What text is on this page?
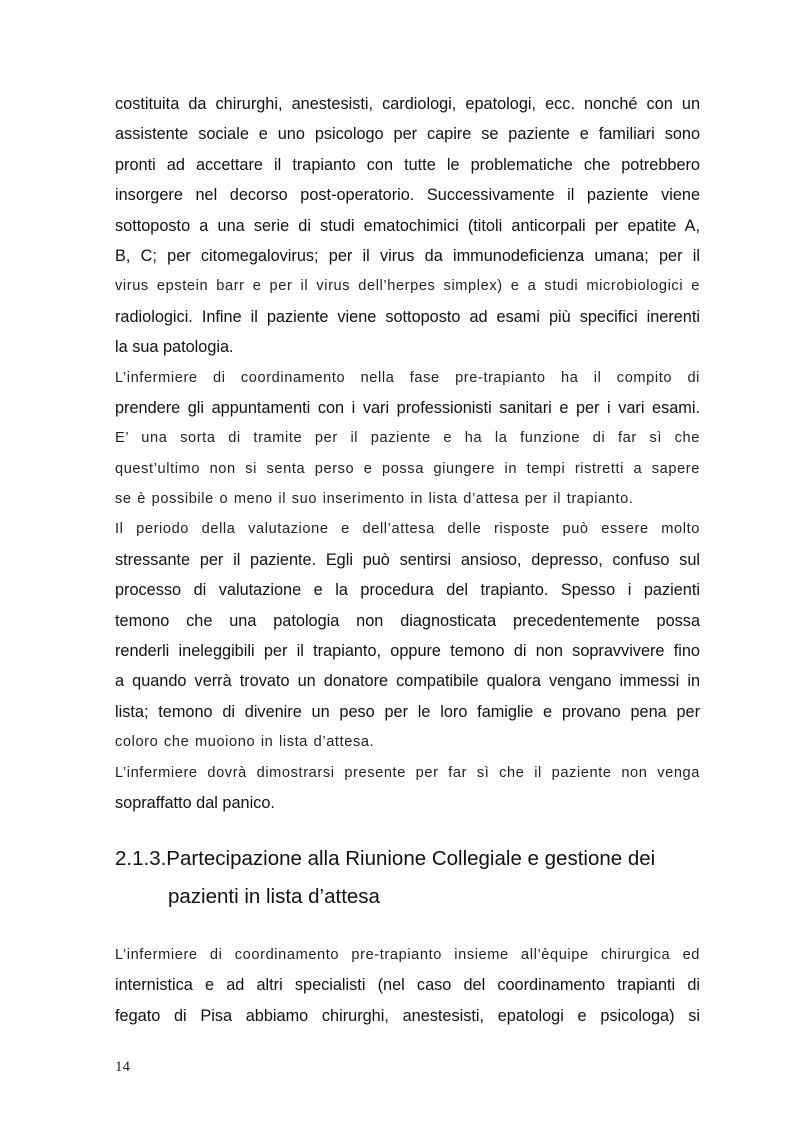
costituita da chirurghi, anestesisti, cardiologi, epatologi, ecc. nonché con un
assistente sociale e uno psicologo per capire se paziente e familiari sono
pronti ad accettare il trapianto con tutte le problematiche che potrebbero
insorgere nel decorso post-operatorio. Successivamente il paziente viene
sottoposto a una serie di studi ematochimici (titoli anticorpali per epatite A,
B, C; per citomegalovirus; per il virus da immunodeficienza umana; per il
virus epstein barr e per il virus dell’herpes simplex) e a studi microbiologici e
radiologici. Infine il paziente viene sottoposto ad esami più specifici inerenti
la sua patologia.
L’infermiere di coordinamento nella fase pre-trapianto ha il compito di
prendere gli appuntamenti con i vari professionisti sanitari e per i vari esami.
E’ una sorta di tramite per il paziente e ha la funzione di far sì che
quest’ultimo non si senta perso e possa giungere in tempi ristretti a sapere
se è possibile o meno il suo inserimento in lista d’attesa per il trapianto.
Il periodo della valutazione e dell’attesa delle risposte può essere molto
stressante per il paziente. Egli può sentirsi ansioso, depresso, confuso sul
processo di valutazione e la procedura del trapianto. Spesso i pazienti
temono che una patologia non diagnosticata precedentemente possa
renderli ineleggibili per il trapianto, oppure temono di non sopravvivere fino
a quando verrà trovato un donatore compatibile qualora vengano immessi in
lista; temono di divenire un peso per le loro famiglie e provano pena per
coloro che muoiono in lista d’attesa.
L’infermiere dovrà dimostrarsi presente per far sì che il paziente non venga
sopraffatto dal panico.
2.1.3.Partecipazione alla Riunione Collegiale e gestione dei
pazienti in lista d’attesa
L’infermiere di coordinamento pre-trapianto insieme all’èquipe chirurgica ed
internistica e ad altri specialisti (nel caso del coordinamento trapianti di
fegato di Pisa abbiamo chirurghi, anestesisti, epatologi e psicologa) si
14
